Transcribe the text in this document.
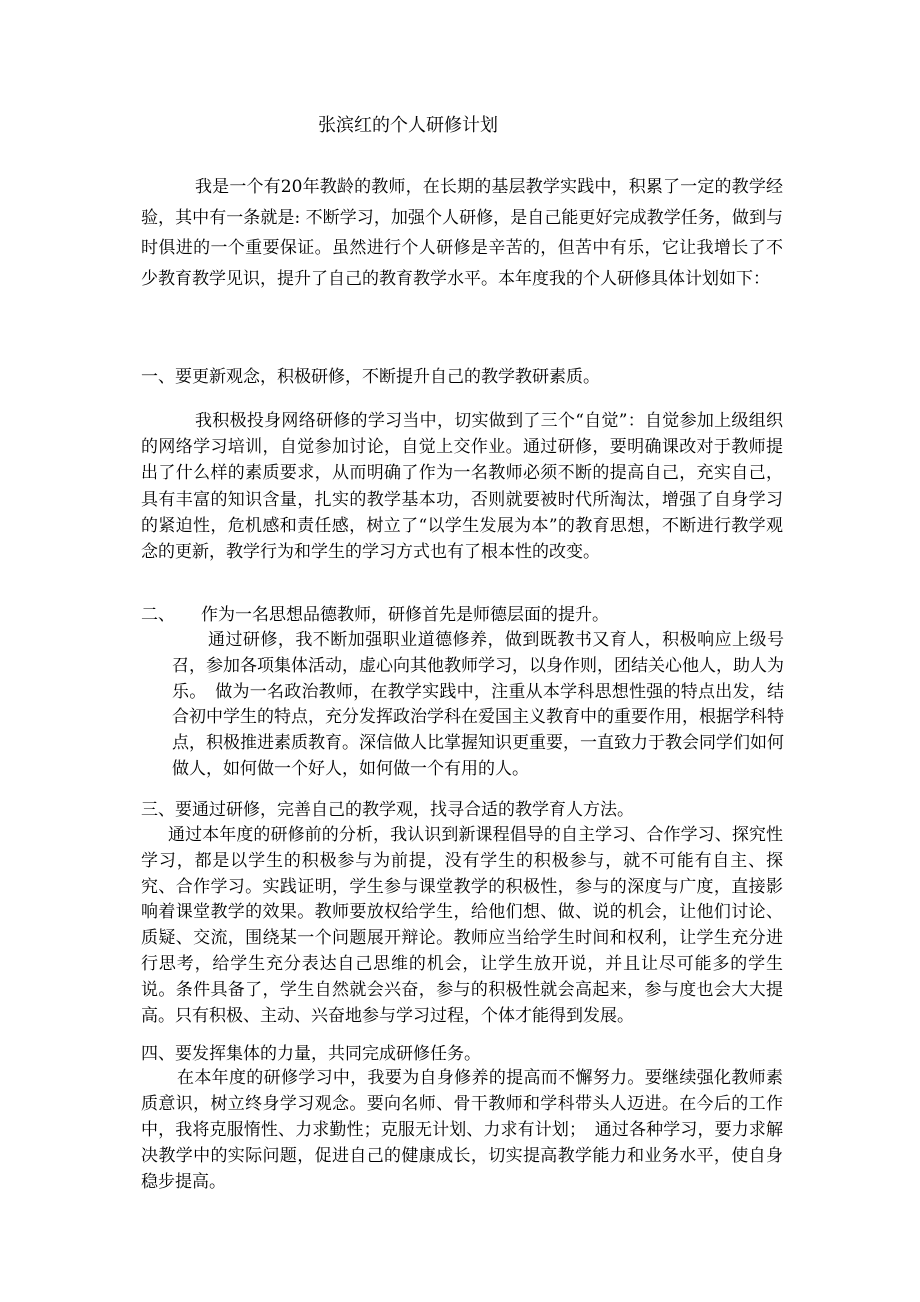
张滨红的个人研修计划

我是一个有20年教龄的教师，在长期的基层教学实践中，积累了一定的教学经验，其中有一条就是: 不断学习，加强个人研修，是自己能更好完成教学任务，做到与时俱进的一个重要保证。虽然进行个人研修是辛苦的，但苦中有乐，它让我增长了不少教育教学见识，提升了自己的教育教学水平。本年度我的个人研修具体计划如下：

一、要更新观念，积极研修，不断提升自己的教学教研素质。

我积极投身网络研修的学习当中，切实做到了三个“自觉”：自觉参加上级组织的网络学习培训，自觉参加讨论，自觉上交作业。通过研修，要明确课改对于教师提出了什么样的素质要求，从而明确了作为一名教师必须不断的提高自己，充实自己，具有丰富的知识含量，扎实的教学基本功，否则就要被时代所淘汰，增强了自身学习的紧迫性，危机感和责任感，树立了“以学生发展为本”的教育思想，不断进行教学观念的更新，教学行为和学生的学习方式也有了根本性的改变。

二、 作为一名思想品德教师，研修首先是师德层面的提升。

通过研修，我不断加强职业道德修养，做到既教书又育人，积极响应上级号召，参加各项集体活动，虚心向其他教师学习，以身作则，团结关心他人，助人为乐。　做为一名政治教师，在教学实践中，注重从本学科思想性强的特点出发，结合初中学生的特点，充分发挥政治学科在爱国主义教育中的重要作用，根据学科特点，积极推进素质教育。深信做人比掌握知识更重要，一直致力于教会同学们如何做人，如何做一个好人，如何做一个有用的人。

三、要通过研修，完善自己的教学观，找寻合适的教学育人方法。

通过本年度的研修前的分析，我认识到新课程倡导的自主学习、合作学习、探究性学习，都是以学生的积极参与为前提，没有学生的积极参与，就不可能有自主、探究、合作学习。实践证明，学生参与课堂教学的积极性，参与的深度与广度，直接影响着课堂教学的效果。教师要放权给学生，给他们想、做、说的机会，让他们讨论、质疑、交流，围绕某一个问题展开辩论。教师应当给学生时间和权利，让学生充分进行思考，给学生充分表达自己思维的机会，让学生放开说，并且让尽可能多的学生说。条件具备了，学生自然就会兴奋，参与的积极性就会高起来，参与度也会大大提高。只有积极、主动、兴奋地参与学习过程，个体才能得到发展。

四、要发挥集体的力量，共同完成研修任务。

在本年度的研修学习中，我要为自身修养的提高而不懈努力。要继续强化教师素质意识，树立终身学习观念。要向名师、骨干教师和学科带头人迈进。在今后的工作中，我将克服惰性、力求勤性；克服无计划、力求有计划；　通过各种学习，要力求解决教学中的实际问题，促进自己的健康成长，切实提高教学能力和业务水平，使自身稳步提高。
